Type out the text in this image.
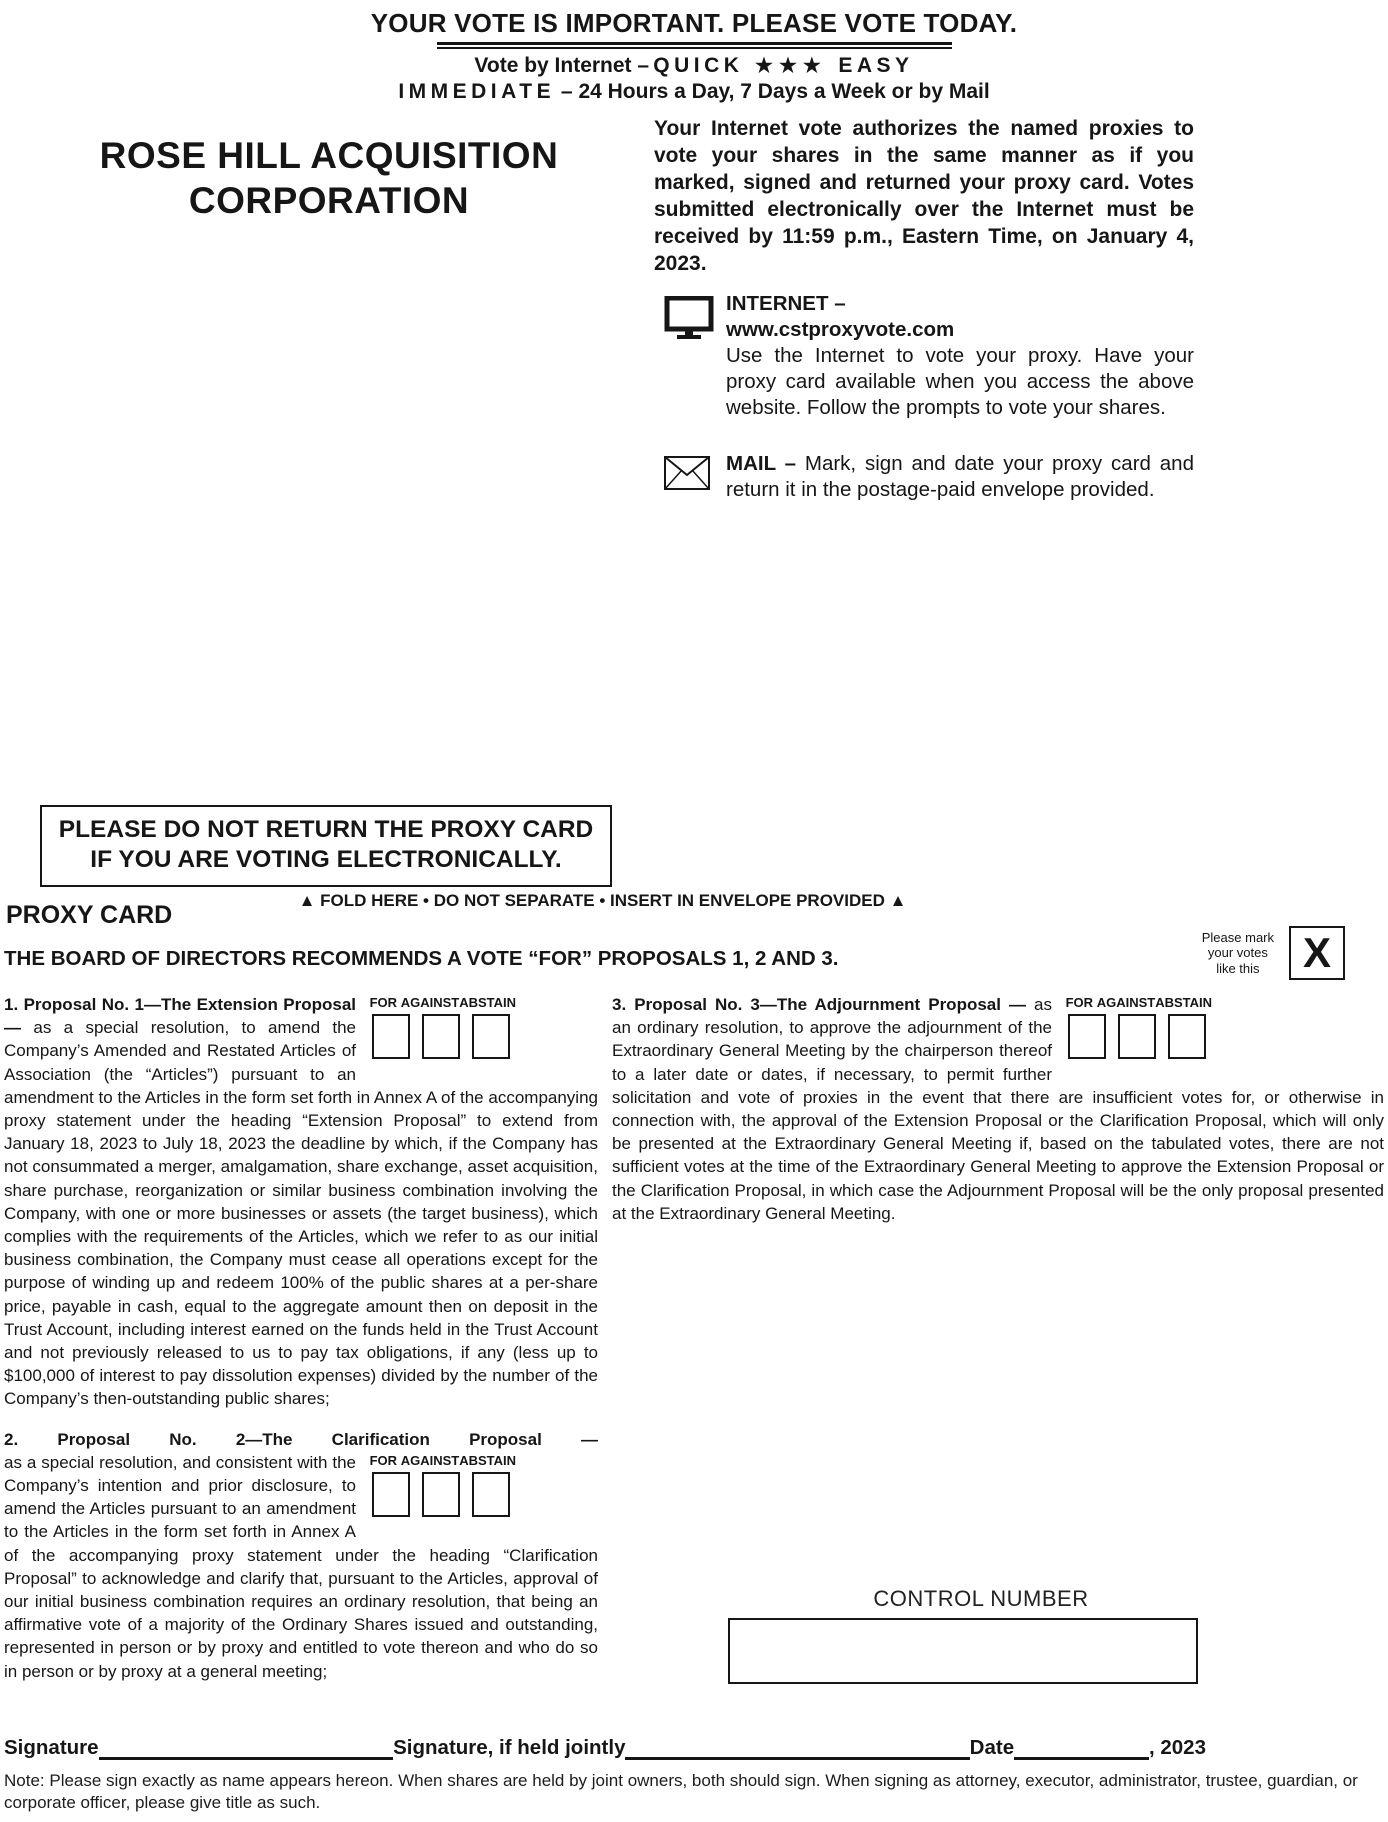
YOUR VOTE IS IMPORTANT. PLEASE VOTE TODAY.
Vote by Internet – QUICK ★★★ EASY
IMMEDIATE – 24 Hours a Day, 7 Days a Week or by Mail
ROSE HILL ACQUISITION
CORPORATION

Your Internet vote authorizes the named proxies to vote your shares in the same manner as if you marked, signed and returned your proxy card. Votes submitted electronically over the Internet must be received by 11:59 p.m., Eastern Time, on January 4, 2023.

INTERNET –
www.cstproxyvote.com
Use the Internet to vote your proxy. Have your proxy card available when you access the above website. Follow the prompts to vote your shares.
MAIL – Mark, sign and date your proxy card and return it in the postage-paid envelope provided.
PLEASE DO NOT RETURN THE PROXY CARD
IF YOU ARE VOTING ELECTRONICALLY.
▲ FOLD HERE • DO NOT SEPARATE • INSERT IN ENVELOPE PROVIDED ▲
PROXY CARD
THE BOARD OF DIRECTORS RECOMMENDS A VOTE “FOR” PROPOSALS 1, 2 AND 3.
Please mark
your votes
like this	X

FOR AGAINST ABSTAIN
1. Proposal No. 1—The Extension Proposal — as a special resolution, to amend the Company’s Amended and Restated Articles of Association (the “Articles”) pursuant to an amendment to the Articles in the form set forth in Annex A of the accompanying proxy statement under the heading “Extension Proposal” to extend from January 18, 2023 to July 18, 2023 the deadline by which, if the Company has not consummated a merger, amalgamation, share exchange, asset acquisition, share purchase, reorganization or similar business combination involving the Company, with one or more businesses or assets (the target business), which complies with the requirements of the Articles, which we refer to as our initial business combination, the Company must cease all operations except for the purpose of winding up and redeem 100% of the public shares at a per-share price, payable in cash, equal to the aggregate amount then on deposit in the Trust Account, including interest earned on the funds held in the Trust Account and not previously released to us to pay tax obligations, if any (less up to $100,000 of interest to pay dissolution expenses) divided by the number of the Company’s then-outstanding public shares;

2. Proposal No. 2—The Clarification Proposal —

FOR AGAINST ABSTAIN
as a special resolution, and consistent with the Company’s intention and prior disclosure, to amend the Articles pursuant to an amendment to the Articles in the form set forth in Annex A of the accompanying proxy statement under the heading “Clarification Proposal” to acknowledge and clarify that, pursuant to the Articles, approval of our initial business combination requires an ordinary resolution, that being an affirmative vote of a majority of the Ordinary Shares issued and outstanding, represented in person or by proxy and entitled to vote thereon and who do so in person or by proxy at a general meeting;

FOR AGAINST ABSTAIN
3. Proposal No. 3—The Adjournment Proposal — as an ordinary resolution, to approve the adjournment of the Extraordinary General Meeting by the chairperson thereof to a later date or dates, if necessary, to permit further solicitation and vote of proxies in the event that there are insufficient votes for, or otherwise in connection with, the approval of the Extension Proposal or the Clarification Proposal, which will only be presented at the Extraordinary General Meeting if, based on the tabulated votes, there are not sufficient votes at the time of the Extraordinary General Meeting to approve the Extension Proposal or the Clarification Proposal, in which case the Adjournment Proposal will be the only proposal presented at the Extraordinary General Meeting.

CONTROL NUMBER
Signature	Signature, if held jointly	Date	, 2023
Note: Please sign exactly as name appears hereon. When shares are held by joint owners, both should sign. When signing as attorney, executor, administrator, trustee, guardian, or corporate officer, please give title as such.
